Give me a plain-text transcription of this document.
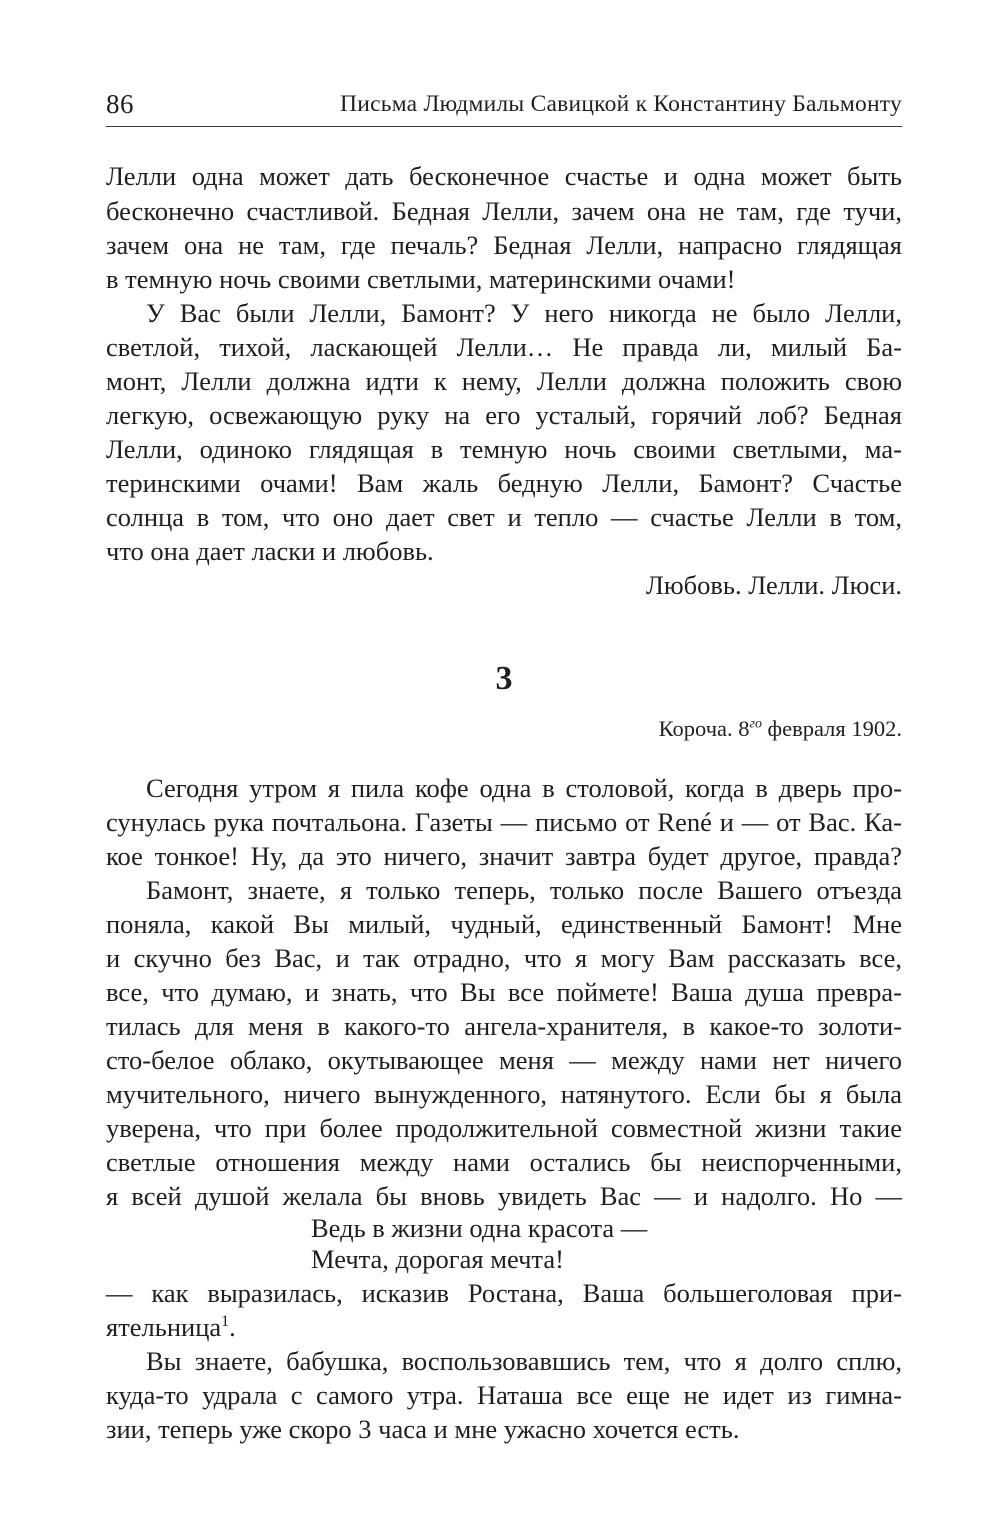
86	Письма Людмилы Савицкой к Константину Бальмонту
Лелли одна может дать бесконечное счастье и одна может быть
бесконечно счастливой. Бедная Лелли, зачем она не там, где тучи,
зачем она не там, где печаль? Бедная Лелли, напрасно глядящая
в темную ночь своими светлыми, материнскими очами!
У Вас были Лелли, Бамонт? У него никогда не было Лелли,
светлой, тихой, ласкающей Лелли… Не правда ли, милый Ба-
монт, Лелли должна идти к нему, Лелли должна положить свою
легкую, освежающую руку на его усталый, горячий лоб? Бедная
Лелли, одиноко глядящая в темную ночь своими светлыми, ма-
теринскими очами! Вам жаль бедную Лелли, Бамонт? Счастье
солнца в том, что оно дает свет и тепло — счастье Лелли в том,
что она дает ласки и любовь.
Любовь. Лелли. Люси.
3
Короча. $8^{го}$ февраля 1902.
Сегодня утром я пила кофе одна в столовой, когда в дверь про-
сунулась рука почтальона. Газеты — письмо от René и — от Вас. Ка-
кое тонкое! Ну, да это ничего, значит завтра будет другое, правда?
Бамонт, знаете, я только теперь, только после Вашего отъезда
поняла, какой Вы милый, чудный, единственный Бамонт! Мне
и скучно без Вас, и так отрадно, что я могу Вам рассказать все,
все, что думаю, и знать, что Вы все поймете! Ваша душа превра-
тилась для меня в какого-то ангела-хранителя, в какое-то золоти-
сто-белое облако, окутывающее меня — между нами нет ничего
мучительного, ничего вынужденного, натянутого. Если бы я была
уверена, что при более продолжительной совместной жизни такие
светлые отношения между нами остались бы неиспорченными,
я всей душой желала бы вновь увидеть Вас — и надолго. Но —
Ведь в жизни одна красота —
Мечта, дорогая мечта!
— как выразилась, исказив Ростана, Ваша большеголовая при-
ятельница$^1$.
Вы знаете, бабушка, воспользовавшись тем, что я долго сплю,
куда-то удрала с самого утра. Наташа все еще не идет из гимна-
зии, теперь уже скоро 3 часа и мне ужасно хочется есть.
